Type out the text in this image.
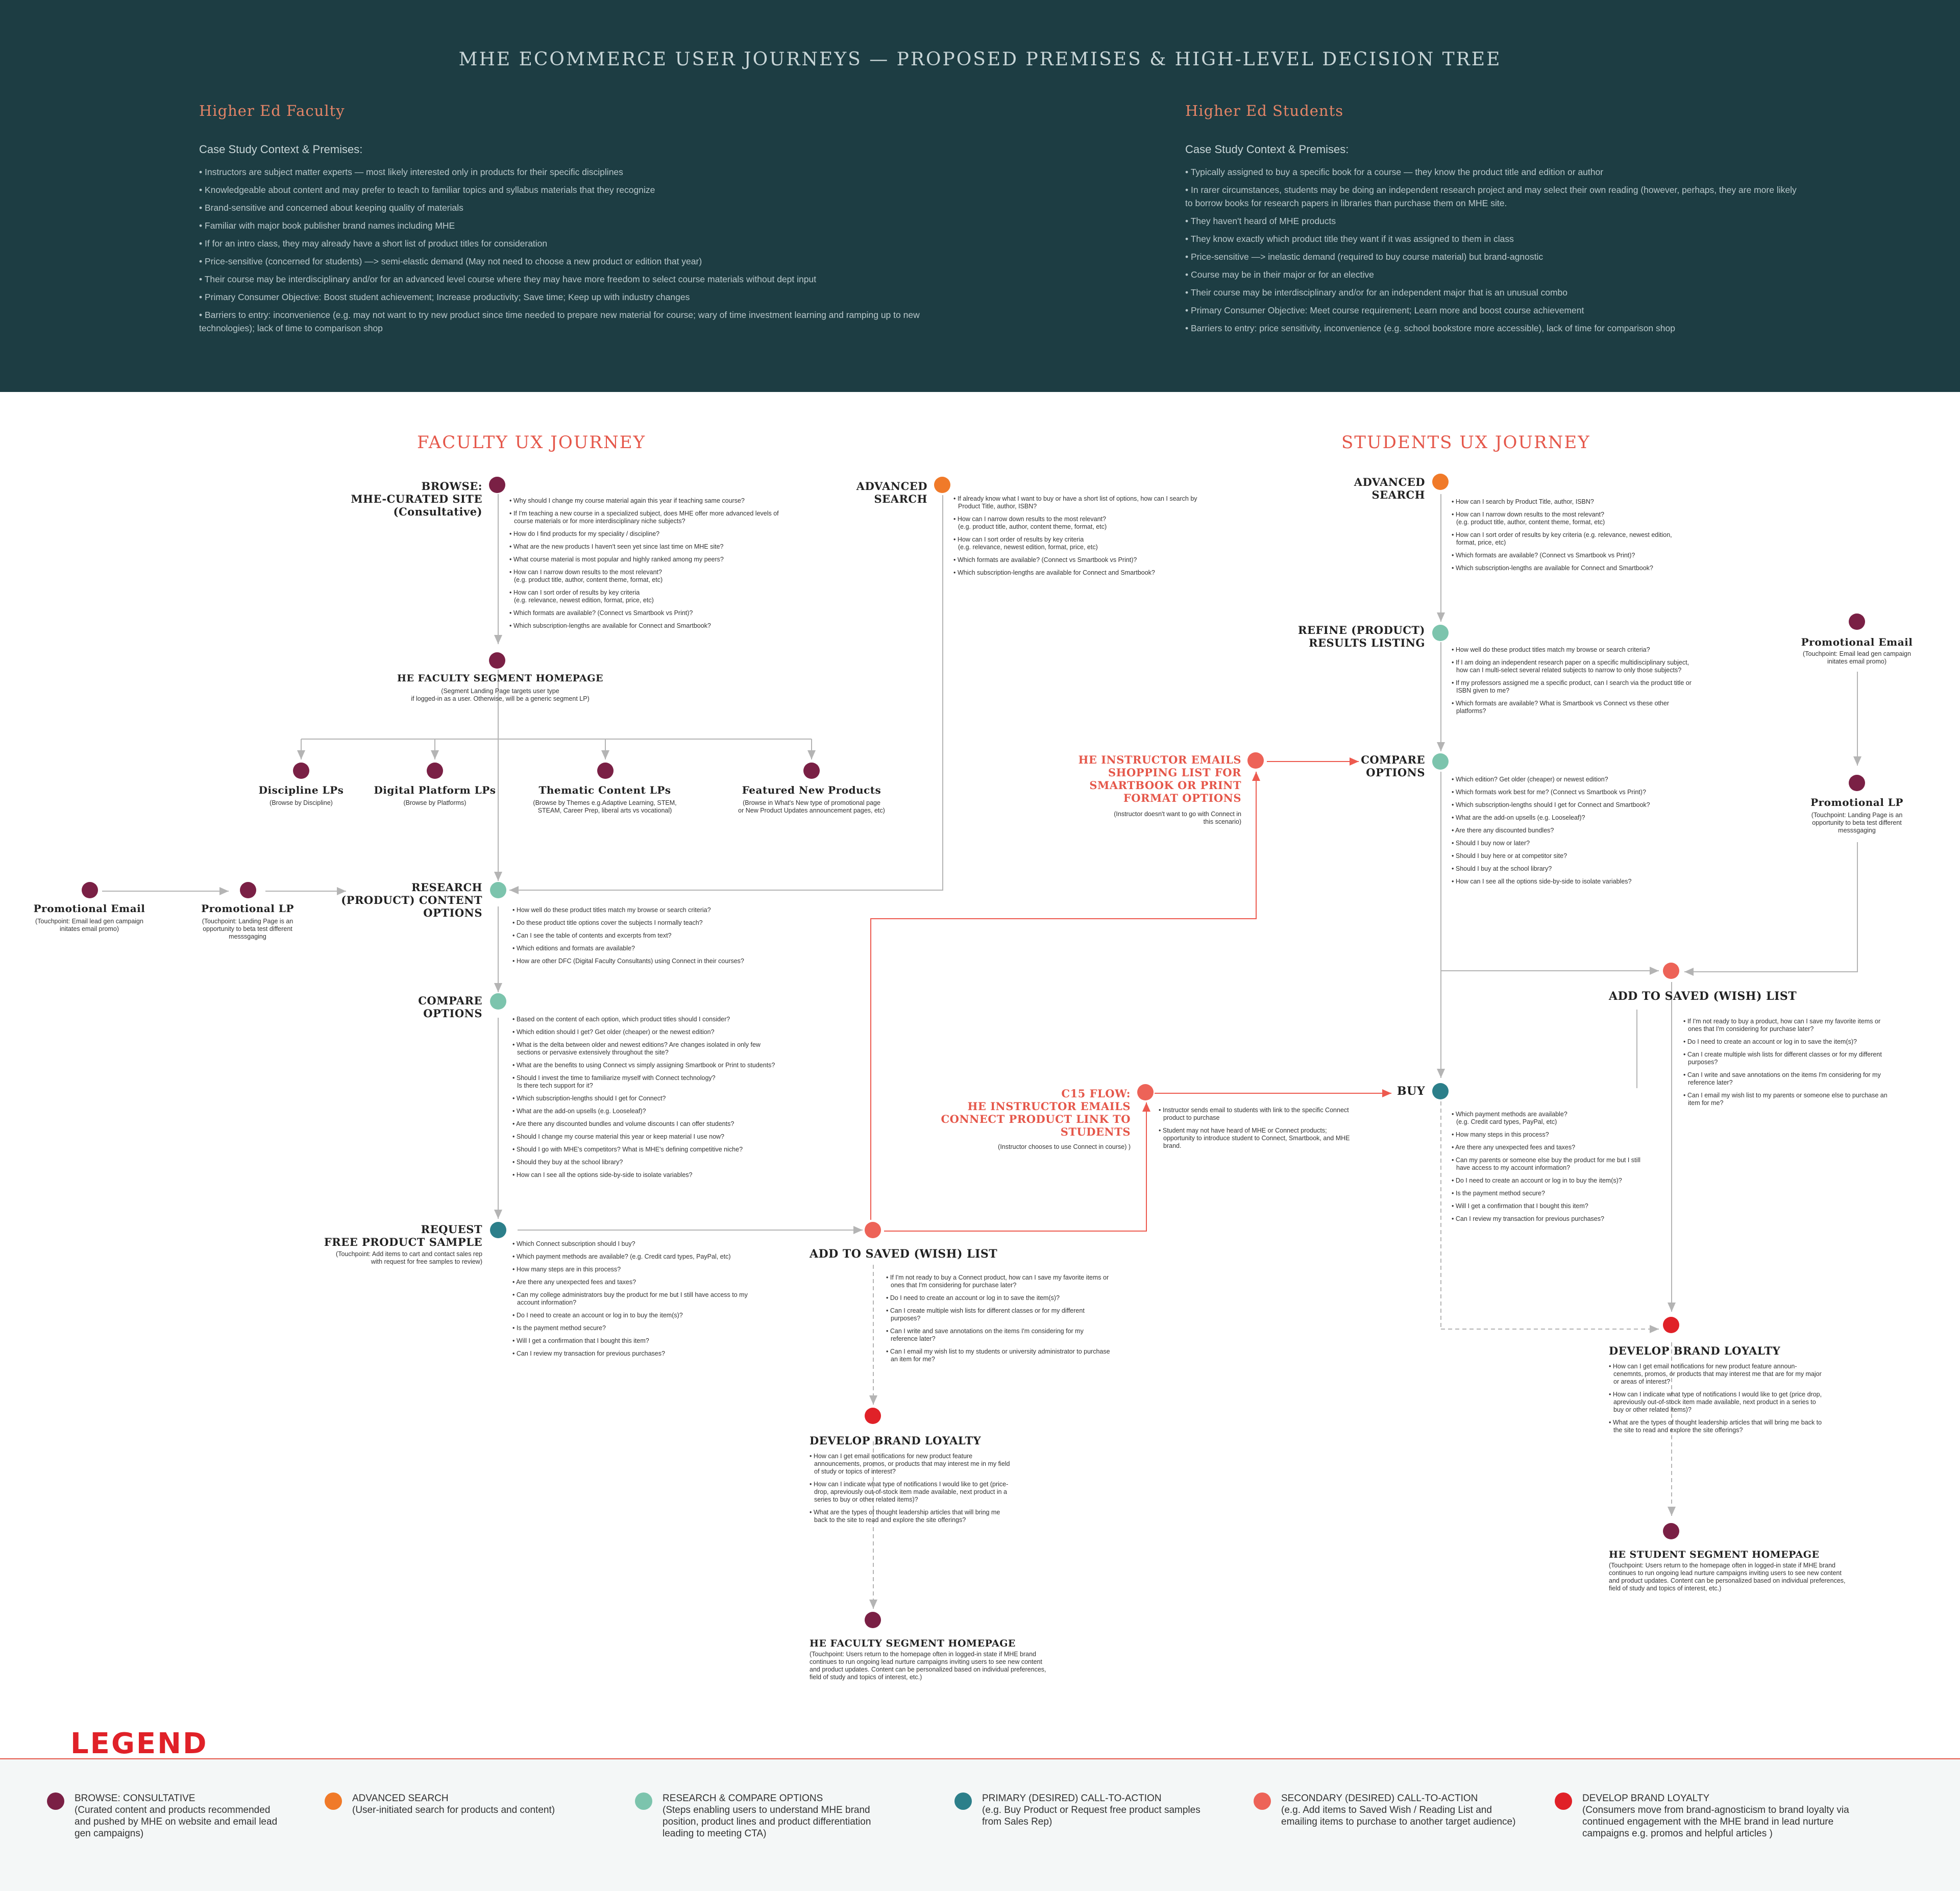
MHE ECOMMERCE USER JOURNEYS — PROPOSED PREMISES & HIGH-LEVEL DECISION TREE
Higher Ed Faculty
Case Study Context & Premises:
• Instructors are subject matter experts — most likely interested only in products for their specific disciplines
• Knowledgeable about content and may prefer to teach to familiar topics and syllabus materials that they recognize
• Brand-sensitive and concerned about keeping quality of materials
• Familiar with major book publisher brand names including MHE
• If for an intro class, they may already have a short list of product titles for consideration
• Price-sensitive (concerned for students) —> semi-elastic demand (May not need to choose a new product or edition that year)
• Their course may be interdisciplinary and/or for an advanced level course where they may have more freedom to select course materials without dept input
• Primary Consumer Objective: Boost student achievement; Increase productivity; Save time; Keep up with industry changes
• Barriers to entry: inconvenience (e.g. may not want to try new product since time needed to prepare new material for course; wary of time investment learning and ramping up to new technologies); lack of time to comparison shop
Higher Ed Students
Case Study Context & Premises:
• Typically assigned to buy a specific book for a course — they know the product title and edition or author
• In rarer circumstances, students may be doing an independent research project and may select their own reading (however, perhaps, they are more likely to borrow books for research papers in libraries than purchase them on MHE site.
• They haven't heard of MHE products
• They know exactly which product title they want if it was assigned to them in class
• Price-sensitive —> inelastic demand (required to buy course material) but brand-agnostic
• Course may be in their major or for an elective
• Their course may be interdisciplinary and/or for an independent major that is an unusual combo
• Primary Consumer Objective: Meet course requirement; Learn more and boost course achievement
• Barriers to entry: price sensitivity, inconvenience (e.g. school bookstore more accessible), lack of time for comparison shop
FACULTY UX JOURNEY	STUDENTS UX JOURNEY
BROWSE:
MHE-CURATED SITE
(Consultative)
• Why should I change my course material again this year if teaching same course?
• If I'm teaching a new course in a specialized subject, does MHE offer more advanced levels of course materials or for more interdisciplinary niche subjects?
• How do I find products for my speciality / discipline?
• What are the new products I haven't seen yet since last time on MHE site?
• What course material is most popular and highly ranked among my peers?
• How can I narrow down results to the most relevant?
(e.g. product title, author, content theme, format, etc)
• How can I sort order of results by key criteria
(e.g. relevance, newest edition, format, price, etc)
• Which formats are available? (Connect vs Smartbook vs Print)?
• Which subscription-lengths are available for Connect and Smartbook?
ADVANCED
SEARCH	• If already know what I want to buy or have a short list of options, how can I search by Product Title, author, ISBN?
• How can I narrow down results to the most relevant?
(e.g. product title, author, content theme, format, etc)
• How can I sort order of results by key criteria
(e.g. relevance, newest edition, format, price, etc)
• Which formats are available? (Connect vs Smartbook vs Print)?
• Which subscription-lengths are available for Connect and Smartbook?
HE FACULTY SEGMENT HOMEPAGE
(Segment Landing Page targets user type
if logged-in as a user. Otherwise, will be a generic segment LP)
Discipline LPs
(Browse by Discipline)
Digital Platform LPs
(Browse by Platforms)
Thematic Content LPs
(Browse by Themes e.g.Adaptive Learning, STEM,
STEAM, Career Prep, liberal arts vs vocational)
Featured New Products
(Browse in What's New type of promotional page
or New Product Updates announcement pages, etc)
Promotional Email
(Touchpoint: Email lead gen campaign
initates email promo)
Promotional LP
(Touchpoint: Landing Page is an
opportunity to beta test different
messsgaging
RESEARCH
(PRODUCT) CONTENT
OPTIONS	• How well do these product titles match my browse or search criteria?
• Do these product title options cover the subjects I normally teach?
• Can I see the table of contents and excerpts from text?
• Which editions and formats are available?
• How are other DFC (Digital Faculty Consultants) using Connect in their courses?
COMPARE
OPTIONS	• Based on the content of each option, which product titles should I consider?
• Which edition should I get? Get older (cheaper) or the newest edition?
• What is the delta between older and newest editions? Are changes isolated in only few sections or pervasive extensively throughout the site?
• What are the benefits to using Connect vs simply assigning Smartbook or Print to students?
• Should I invest the time to familiarize myself with Connect technology?
Is there tech support for it?
• Which subscription-lengths should I get for Connect?
• What are the add-on upsells (e.g. Looseleaf)?
• Are there any discounted bundles and volume discounts I can offer students?
• Should I change my course material this year or keep material I use now?
• Should I go with MHE's competitors? What is MHE's defining competitive niche?
• Should they buy at the school library?
• How can I see all the options side-by-side to isolate variables?
REQUEST
FREE PRODUCT SAMPLE
(Touchpoint: Add items to cart and contact sales rep
with request for free samples to review)
• Which Connect subscription should I buy?
• Which payment methods are available? (e.g. Credit card types, PayPal, etc)
• How many steps are in this process?
• Are there any unexpected fees and taxes?
• Can my college administrators buy the product for me but I still have access to my account information?
• Do I need to create an account or log in to buy the item(s)?
• Is the payment method secure?
• Will I get a confirmation that I bought this item?
• Can I review my transaction for previous purchases?
ADD TO SAVED (WISH) LIST
• If I'm not ready to buy a Connect product, how can I save my favorite items or ones that I'm considering for purchase later?
• Do I need to create an account or log in to save the item(s)?
• Can I create multiple wish lists for different classes or for my different purposes?
• Can I write and save annotations on the items I'm considering for my reference later?
• Can I email my wish list to my students or university administrator to purchase an item for me?
DEVELOP BRAND LOYALTY
• How can I get email notifications for new product feature announcements, promos, or products that may interest me in my field of study or topics of interest?
• How can I indicate what type of notifications I would like to get (price-drop, apreviously out-of-stock item made available, next product in a series to buy or other related items)?
• What are the types of thought leadership articles that will bring me back to the site to read and explore the site offerings?
HE FACULTY SEGMENT HOMEPAGE
(Touchpoint: Users return to the homepage often in logged-in state if MHE brand continues to run ongoing lead nurture campaigns inviting users to see new content and product updates. Content can be personalized based on individual preferences, field of study and topics of interest, etc.)
HE INSTRUCTOR EMAILS
SHOPPING LIST FOR
SMARTBOOK OR PRINT
FORMAT OPTIONS
(Instructor doesn't want to go with Connect in
this scenario)
C15 FLOW:
HE INSTRUCTOR EMAILS
CONNECT PRODUCT LINK TO
STUDENTS
(Instructor chooses to use Connect in course) )
• Instructor sends email to students with link to the specific Connect product to purchase
• Student may not have heard of MHE or Connect products; opportunity to introduce student to Connect, Smartbook, and MHE brand.
ADVANCED
SEARCH
• How can I search by Product Title, author, ISBN?
• How can I narrow down results to the most relevant?
(e.g. product title, author, content theme, format, etc)
• How can I sort order of results by key criteria (e.g. relevance, newest edition, format, price, etc)
• Which formats are available? (Connect vs Smartbook vs Print)?
• Which subscription-lengths are available for Connect and Smartbook?
REFINE (PRODUCT)
RESULTS LISTING
• How well do these product titles match my browse or search criteria?
• If I am doing an independent research paper on a specific multidisciplinary subject, how can I multi-select several related subjects to narrow to only those subjects?
• If my professors assigned me a specific product, can I search via the product title or ISBN given to me?
• Which formats are available? What is Smartbook vs Connect vs these other platforms?
COMPARE
OPTIONS
• Which edition? Get older (cheaper) or newest edition?
• Which formats work best for me? (Connect vs Smartbook vs Print)?
• Which subscription-lengths should I get for Connect and Smartbook?
• What are the add-on upsells (e.g. Looseleaf)?
• Are there any discounted bundles?
• Should I buy now or later?
• Should I buy here or at competitor site?
• Should I buy at the school library?
• How can I see all the options side-by-side to isolate variables?
Promotional Email
(Touchpoint: Email lead gen campaign
initates email promo)
Promotional LP
(Touchpoint: Landing Page is an
opportunity to beta test different
messsgaging
ADD TO SAVED (WISH) LIST
• If I'm not ready to buy a product, how can I save my favorite items or ones that I'm considering for purchase later?
• Do I need to create an account or log in to save the item(s)?
• Can I create multiple wish lists for different classes or for my different purposes?
• Can I write and save annotations on the items I'm considering for my reference later?
• Can I email my wish list to my parents or someone else to purchase an item for me?
BUY
• Which payment methods are available?
(e.g. Credit card types, PayPal, etc)
• How many steps in this process?
• Are there any unexpected fees and taxes?
• Can my parents or someone else buy the product for me but I still have access to my account information?
• Do I need to create an account or log in to buy the item(s)?
• Is the payment method secure?
• Will I get a confirmation that I bought this item?
• Can I review my transaction for previous purchases?
DEVELOP BRAND LOYALTY
• How can I get email notifications for new product feature announ- cenemnts, promos, or products that may interest me that are for my major or areas of interest?
• How can I indicate what type of notifications I would like to get (price drop, apreviously out-of-stock item made available, next product in a series to buy or other related items)?
• What are the types of thought leadership articles that will bring me back to the site to read and explore the site offerings?
HE STUDENT SEGMENT HOMEPAGE
(Touchpoint: Users return to the homepage often in logged-in state if MHE brand continues to run ongoing lead nurture campaigns inviting users to see new content and product updates. Content can be personalized based on individual preferences, field of study and topics of interest, etc.)
LEGEND
BROWSE: CONSULTATIVE
(Curated content and products recommended and pushed by MHE on website and email lead gen campaigns)
ADVANCED SEARCH
(User-initiated search for products and content)
RESEARCH & COMPARE OPTIONS
(Steps enabling users to understand MHE brand position, product lines and product differentiation leading to meeting CTA)
PRIMARY (DESIRED) CALL-TO-ACTION
(e.g. Buy Product or Request free product samples from Sales Rep)
SECONDARY (DESIRED) CALL-TO-ACTION
(e.g. Add items to Saved Wish / Reading List and emailing items to purchase to another target audience)
DEVELOP BRAND LOYALTY
(Consumers move from brand-agnosticism to brand loyalty via continued engagement with the MHE brand in lead nurture campaigns e.g. promos and helpful articles )
